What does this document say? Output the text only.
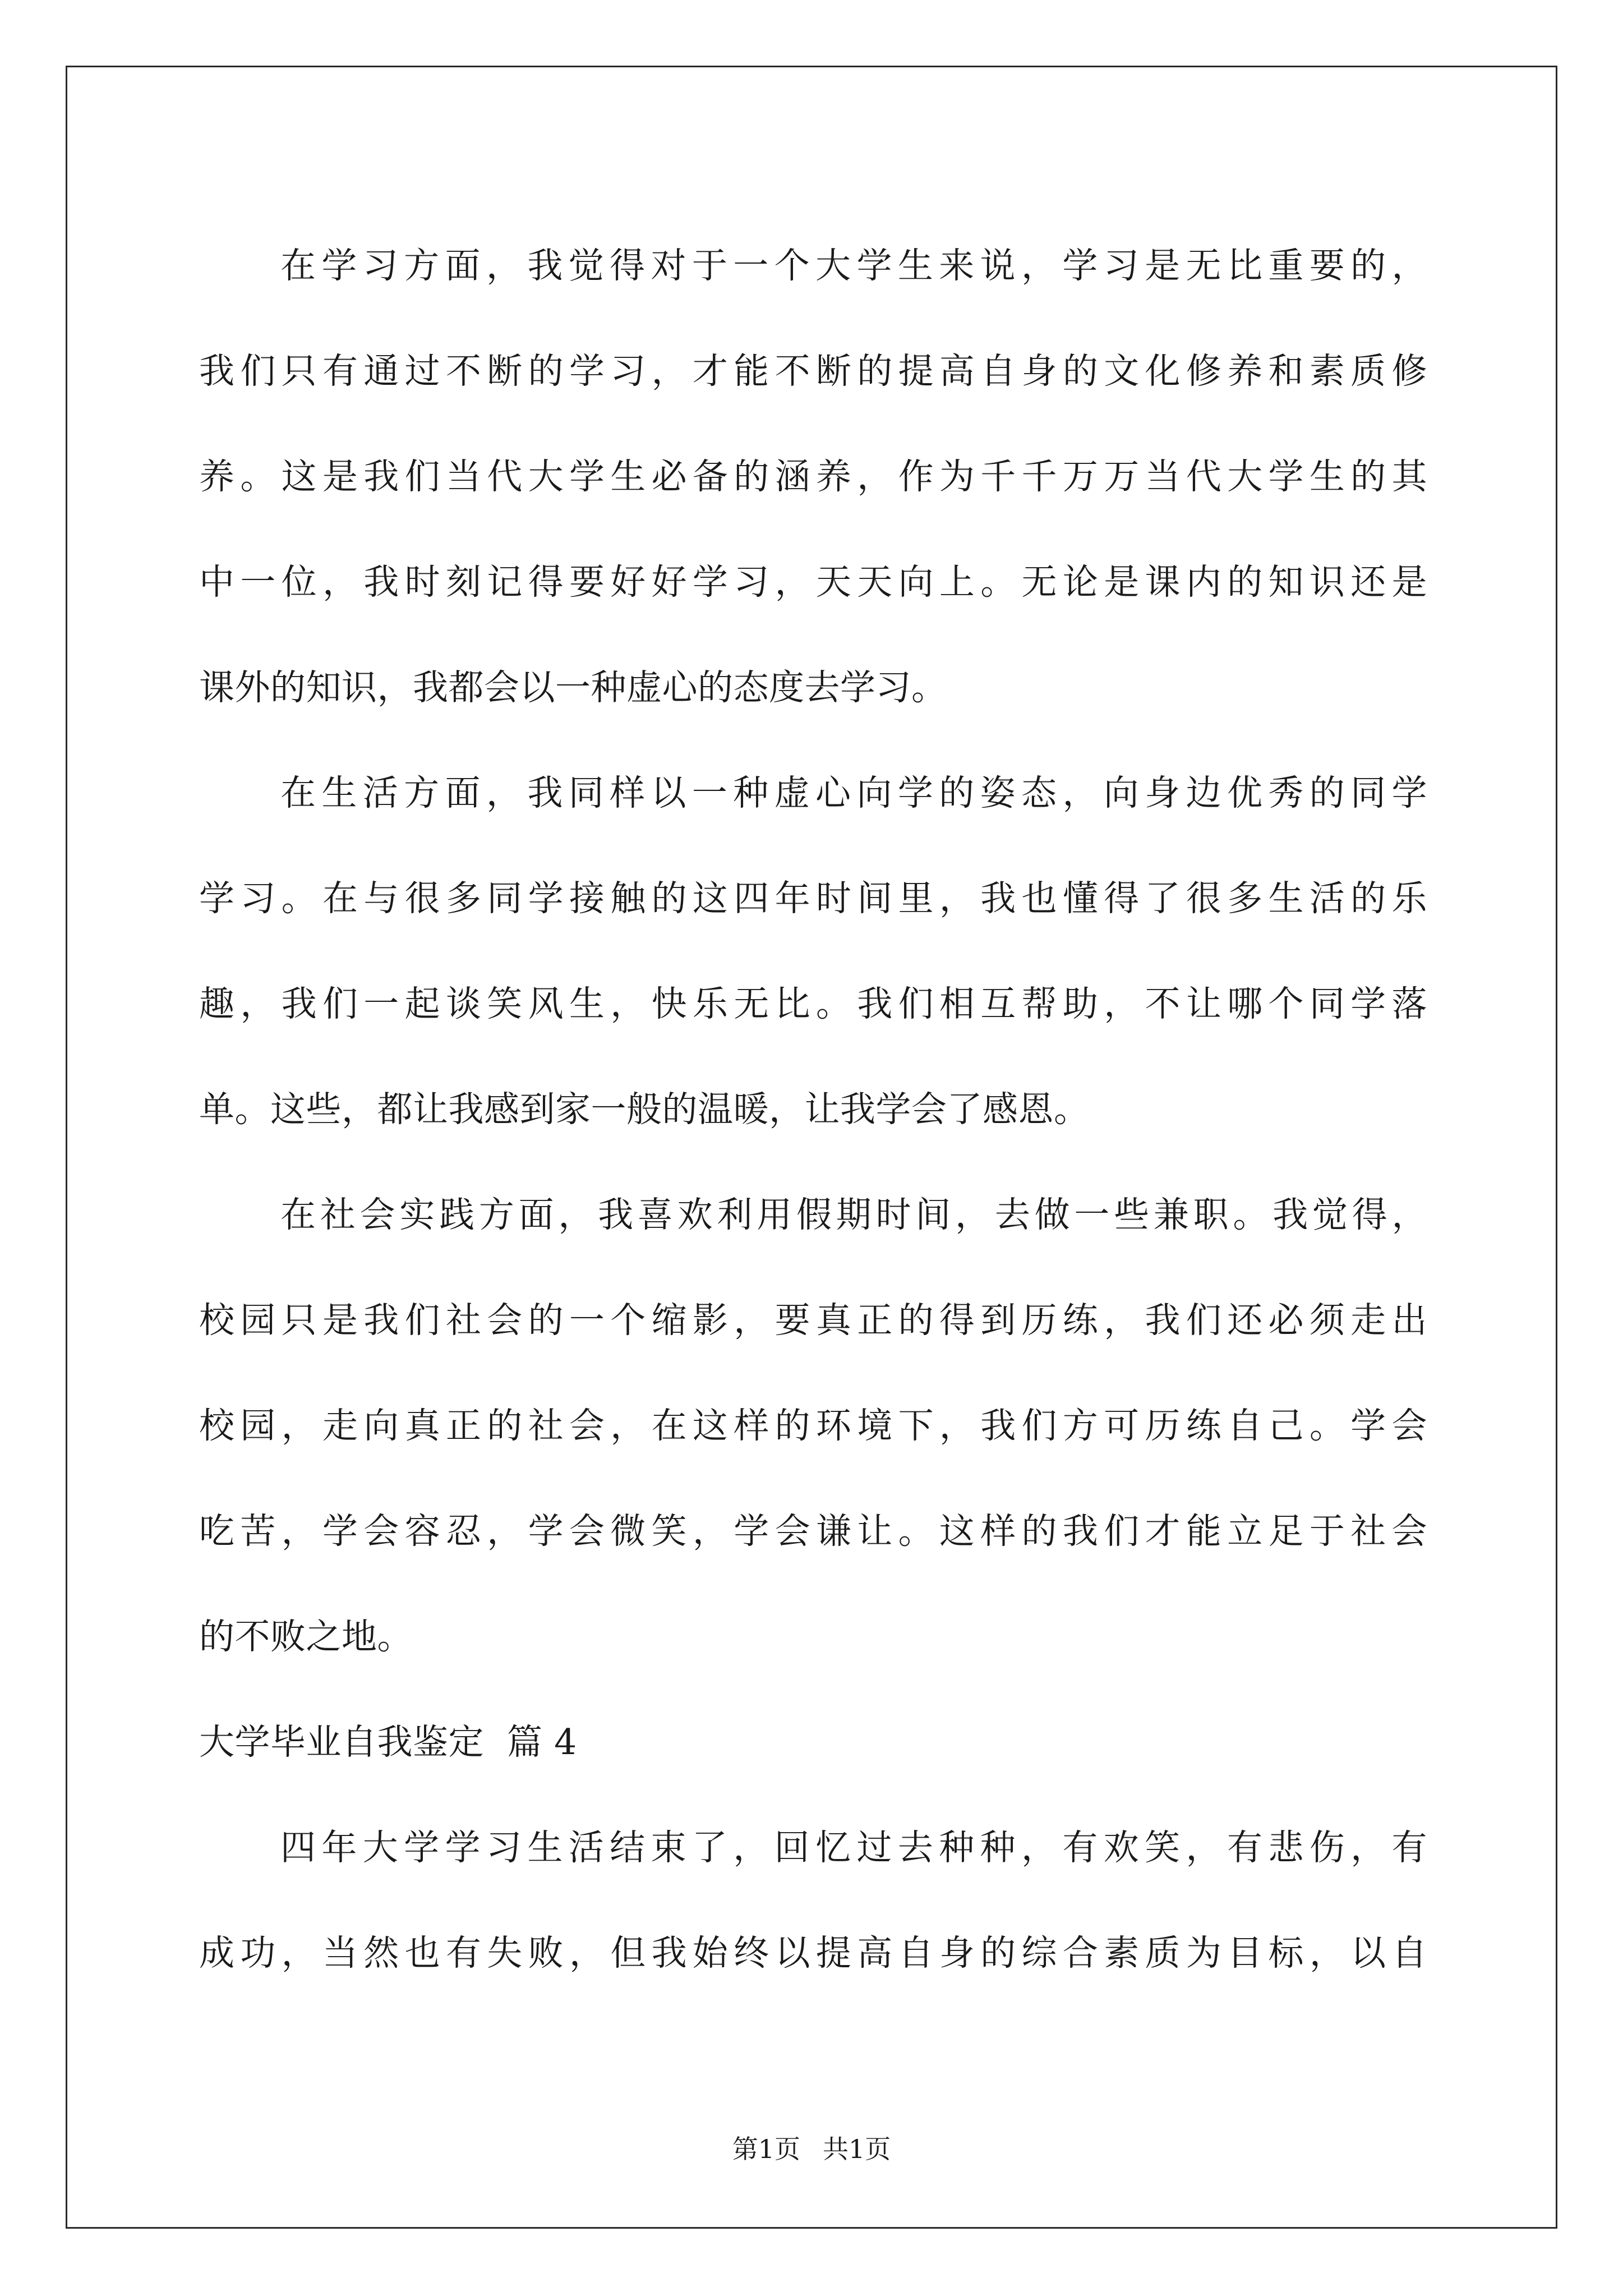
在学习方面，我觉得对于一个大学生来说，学习是无比重要的，
我们只有通过不断的学习，才能不断的提高自身的文化修养和素质修
养。这是我们当代大学生必备的涵养，作为千千万万当代大学生的其
中一位，我时刻记得要好好学习，天天向上。无论是课内的知识还是
课外的知识，我都会以一种虚心的态度去学习。
在生活方面，我同样以一种虚心向学的姿态，向身边优秀的同学
学习。在与很多同学接触的这四年时间里，我也懂得了很多生活的乐
趣，我们一起谈笑风生，快乐无比。我们相互帮助，不让哪个同学落
单。这些，都让我感到家一般的温暖，让我学会了感恩。
在社会实践方面，我喜欢利用假期时间，去做一些兼职。我觉得，
校园只是我们社会的一个缩影，要真正的得到历练，我们还必须走出
校园，走向真正的社会，在这样的环境下，我们方可历练自己。学会
吃苦，学会容忍，学会微笑，学会谦让。这样的我们才能立足于社会
的不败之地。
大学毕业自我鉴定  篇 4
四年大学学习生活结束了，回忆过去种种，有欢笑，有悲伤，有
成功，当然也有失败，但我始终以提高自身的综合素质为目标，以自
第1页 共1页
